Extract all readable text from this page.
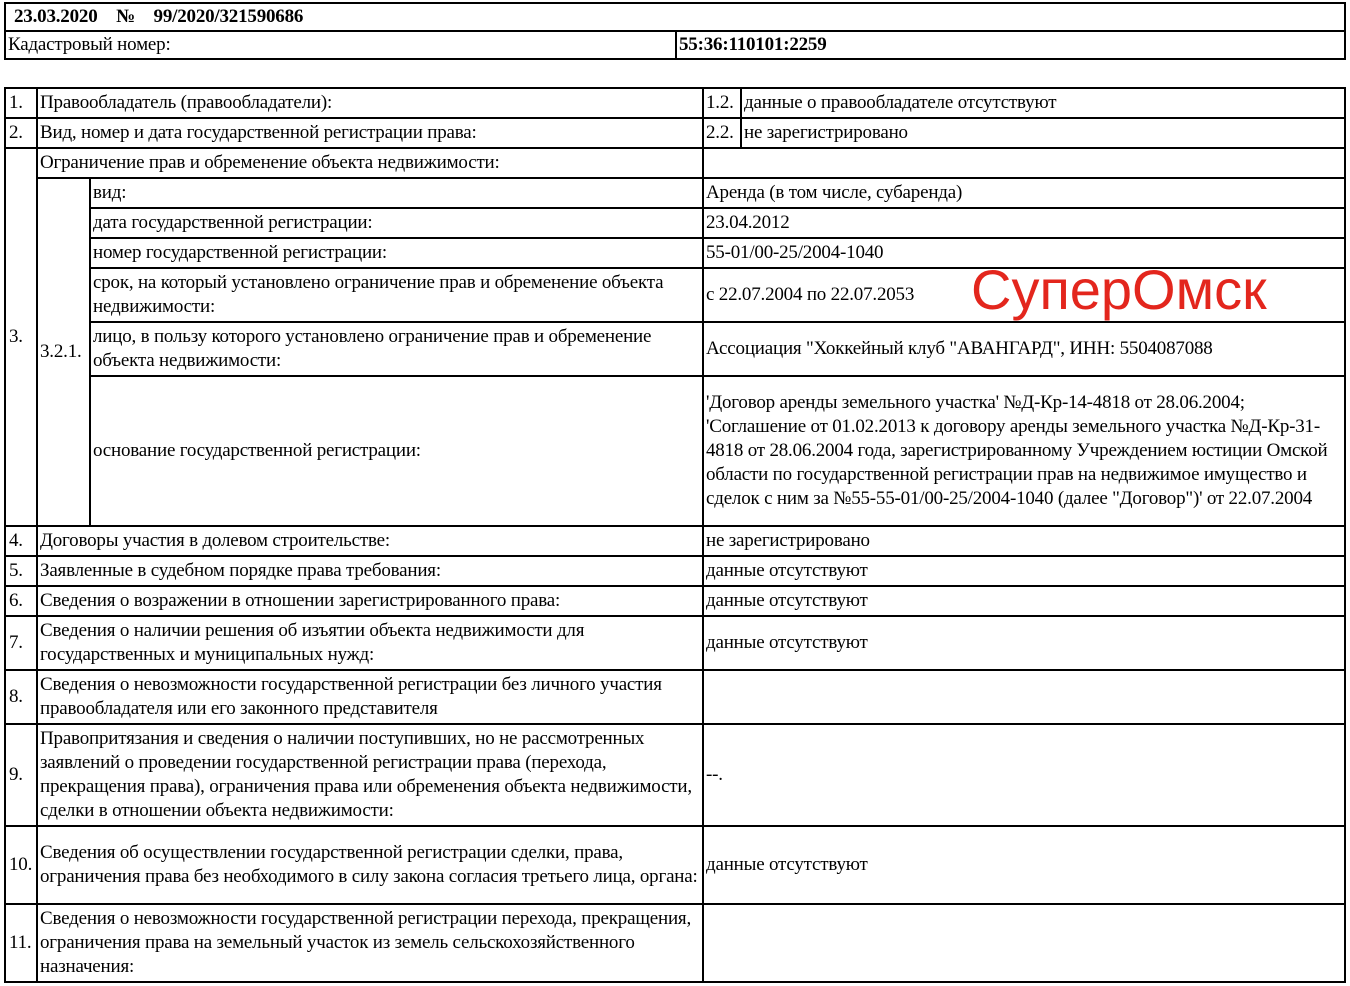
23.03.2020 № 99/2020/321590686
Кадастровый номер:	55:36:110101:2259
1.	Правообладатель (правообладатели):		1.2.	данные о правообладателе отсутствуют
2.	Вид, номер и дата государственной регистрации права:		2.2.	не зарегистрировано
3.	Ограничение прав и обременение объекта недвижимости:			
	3.2.1.	вид:	Аренда (в том числе, субаренда)	
		дата государственной регистрации:	23.04.2012	
		номер государственной регистрации:	55-01/00-25/2004-1040	
		срок, на который установлено ограничение прав и обременение объекта недвижимости:	с 22.07.2004 по 22.07.2053	
		лицо, в пользу которого установлено ограничение прав и обременение объекта недвижимости:	Ассоциация "Хоккейный клуб "АВАНГАРД", ИНН: 5504087088	
		основание государственной регистрации:	'Договор аренды земельного участка' №Д-Кр-14-4818 от 28.06.2004; 'Соглашение от 01.02.2013 к договору аренды земельного участка №Д-Кр-31-4818 от 28.06.2004 года, зарегистрированному Учреждением юстиции Омской области по государственной регистрации прав на недвижимое имущество и сделок с ним за №55-55-01/00-25/2004-1040 (далее "Договор")' от 22.07.2004	
4.	Договоры участия в долевом строительстве:		не зарегистрировано	
5.	Заявленные в судебном порядке права требования:		данные отсутствуют	
6.	Сведения о возражении в отношении зарегистрированного права:		данные отсутствуют	
7.	Сведения о наличии решения об изъятии объекта недвижимости для государственных и муниципальных нужд:		данные отсутствуют	
8.	Сведения о невозможности государственной регистрации без личного участия правообладателя или его законного представителя			
9.	Правопритязания и сведения о наличии поступивших, но не рассмотренных заявлений о проведении государственной регистрации права (перехода, прекращения права), ограничения права или обременения объекта недвижимости, сделки в отношении объекта недвижимости:		--.	
10.	Сведения об осуществлении государственной регистрации сделки, права, ограничения права без необходимого в силу закона согласия третьего лица, органа:		данные отсутствуют	
11.	Сведения о невозможности государственной регистрации перехода, прекращения, ограничения права на земельный участок из земель сельскохозяйственного назначения:			
СуперОмск
